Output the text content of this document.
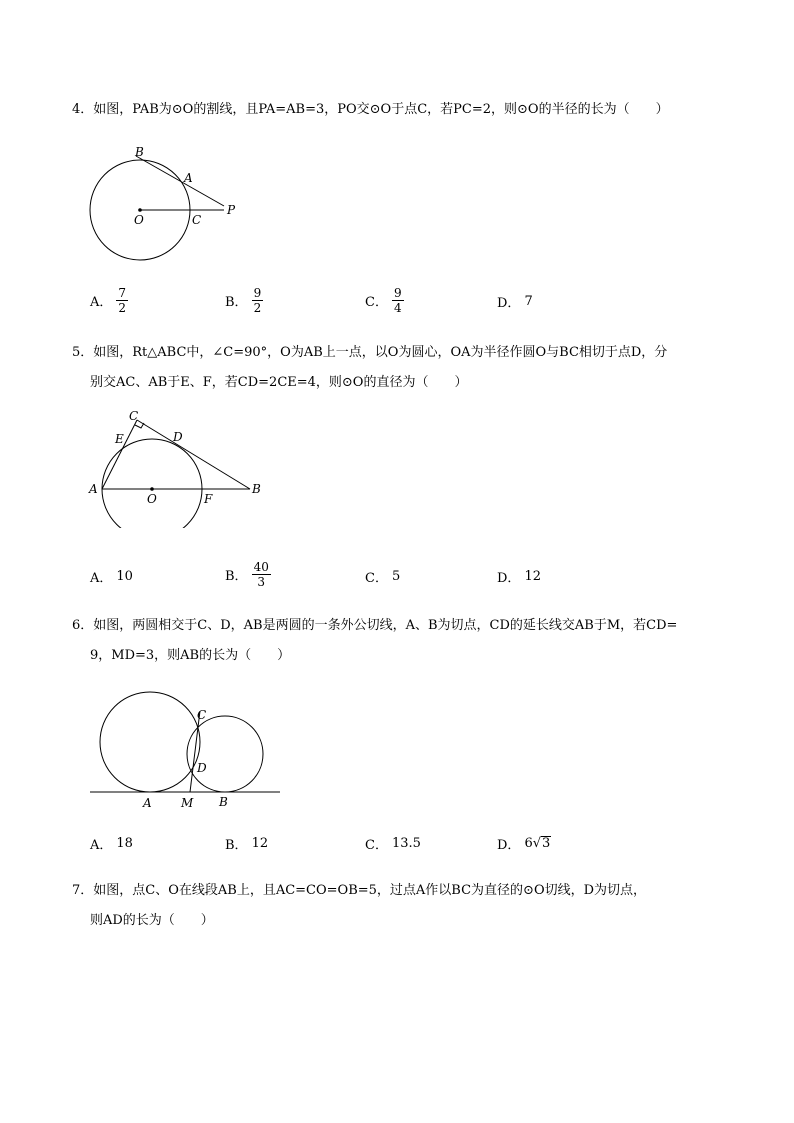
4．如图，PAB为⊙O的割线，且PA=AB=3，PO交⊙O于点C，若PC=2，则⊙O的半径的长为（　　）
B
A
O	C
P
A． $\frac{7}{2}$	B． $\frac{9}{2}$	C． $\frac{9}{4}$	D． 7
5．如图，Rt△ABC中，∠C=90°，O为AB上一点，以O为圆心，OA为半径作圆O与BC相切于点D，分
别交AC、AB于E、F，若CD=2CE=4，则⊙O的直径为（　　）
C
E	D
A
O	F
B
A． 10	B． $\frac{40}{3}$	C． 5	D． 12
6．如图，两圆相交于C、D，AB是两圆的一条外公切线，A、B为切点，CD的延长线交AB于M，若CD=
9，MD=3，则AB的长为（　　）
C
D
A M B
A． 18	B． 12	C． 13.5	D． 6 √ 3
7．如图，点C、O在线段AB上，且AC=CO=OB=5，过点A作以BC为直径的⊙O切线，D为切点，
则AD的长为（　　）
